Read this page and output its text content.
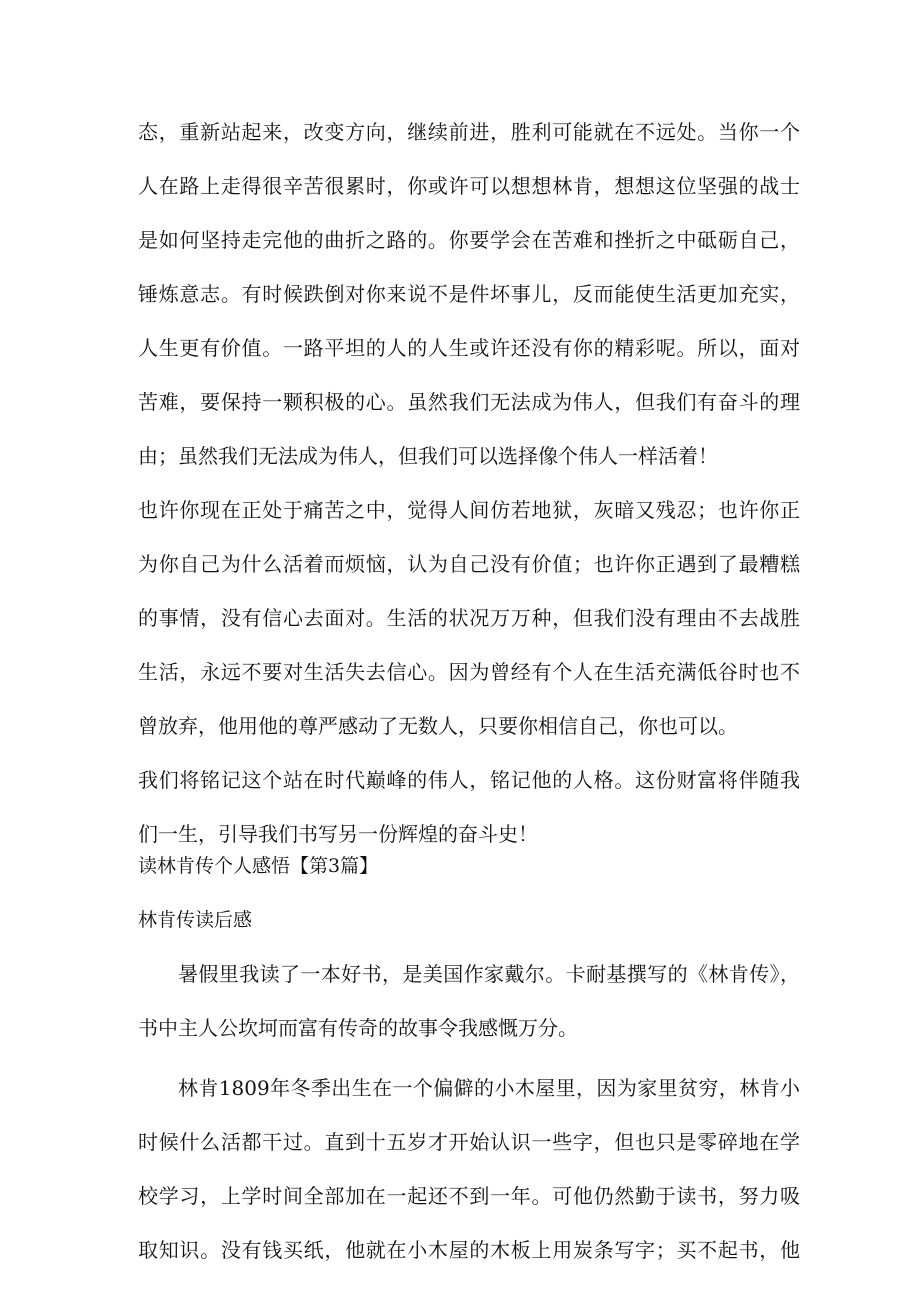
态，重新站起来，改变方向，继续前进，胜利可能就在不远处。当你一个
人在路上走得很辛苦很累时，你或许可以想想林肯，想想这位坚强的战士
是如何坚持走完他的曲折之路的。你要学会在苦难和挫折之中砥砺自己，
锤炼意志。有时候跌倒对你来说不是件坏事儿，反而能使生活更加充实，
人生更有价值。一路平坦的人的人生或许还没有你的精彩呢。所以，面对
苦难，要保持一颗积极的心。虽然我们无法成为伟人，但我们有奋斗的理
由；虽然我们无法成为伟人，但我们可以选择像个伟人一样活着！
也许你现在正处于痛苦之中，觉得人间仿若地狱，灰暗又残忍；也许你正
为你自己为什么活着而烦恼，认为自己没有价值；也许你正遇到了最糟糕
的事情，没有信心去面对。生活的状况万万种，但我们没有理由不去战胜
生活，永远不要对生活失去信心。因为曾经有个人在生活充满低谷时也不
曾放弃，他用他的尊严感动了无数人，只要你相信自己，你也可以。
我们将铭记这个站在时代巅峰的伟人，铭记他的人格。这份财富将伴随我
们一生，引导我们书写另一份辉煌的奋斗史！
读林肯传个人感悟【第3篇】
林肯传读后感
暑假里我读了一本好书，是美国作家戴尔。卡耐基撰写的《林肯传》，
书中主人公坎坷而富有传奇的故事令我感慨万分。
林肯1809年冬季出生在一个偏僻的小木屋里，因为家里贫穷，林肯小
时候什么活都干过。直到十五岁才开始认识一些字，但也只是零碎地在学
校学习，上学时间全部加在一起还不到一年。可他仍然勤于读书，努力吸
取知识。没有钱买纸，他就在小木屋的木板上用炭条写字；买不起书，他
